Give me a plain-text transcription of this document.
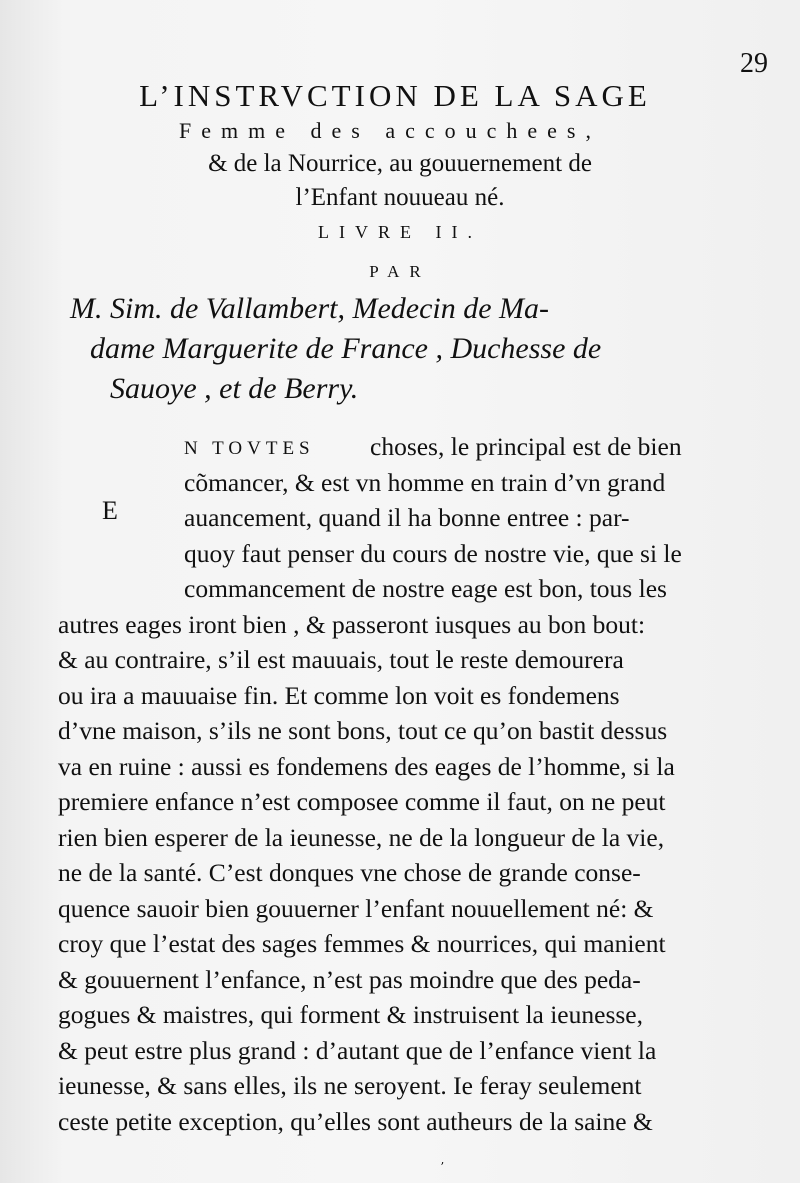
29
L’INSTRVCTION DE LA SAGE
Femme des accouchees,
& de la Nourrice, au gouuernement de
l’Enfant nouueau né.
LIVRE II.
PAR
M. Sim. de Vallambert, Medecin de Ma-
dame Marguerite de France , Duchesse de
Sauoye , et de Berry.
E
N TOVTES choses, le principal est de bien
cõmancer, & est vn homme en train d’vn grand
auancement, quand il ha bonne entree : par-
quoy faut penser du cours de nostre vie, que si le
commancement de nostre eage est bon, tous les
autres eages iront bien , & passeront iusques au bon bout:
& au contraire, s’il est mauuais, tout le reste demourera
ou ira a mauuaise fin. Et comme lon voit es fondemens
d’vne maison, s’ils ne sont bons, tout ce qu’on bastit dessus
va en ruine : aussi es fondemens des eages de l’homme, si la
premiere enfance n’est composee comme il faut, on ne peut
rien bien esperer de la ieunesse, ne de la longueur de la vie,
ne de la santé. C’est donques vne chose de grande conse-
quence sauoir bien gouuerner l’enfant nouuellement né: &
croy que l’estat des sages femmes & nourrices, qui manient
& gouuernent l’enfance, n’est pas moindre que des peda-
gogues & maistres, qui forment & instruisent la ieunesse,
& peut estre plus grand : d’autant que de l’enfance vient la
ieunesse, & sans elles, ils ne seroyent. Ie feray seulement
ceste petite exception, qu’elles sont autheurs de la saine &
ʼ
